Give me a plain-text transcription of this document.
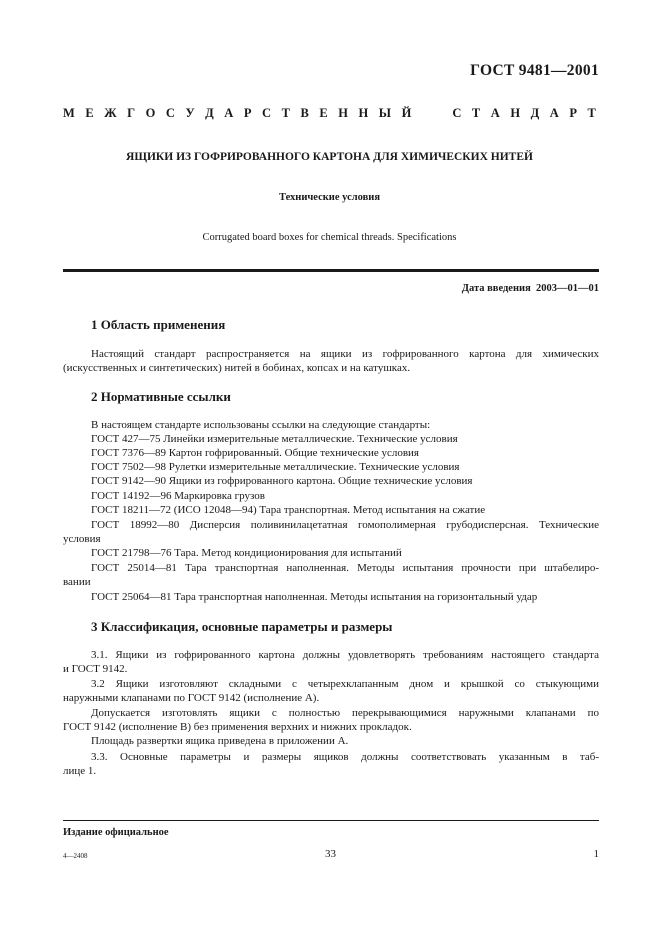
ГОСТ 9481—2001
М Е Ж Г О С У Д А Р С Т В Е Н Н Ы Й	С Т А Н Д А Р Т
ЯЩИКИ ИЗ ГОФРИРОВАННОГО КАРТОНА ДЛЯ ХИМИЧЕСКИХ НИТЕЙ
Технические условия
Corrugated board boxes for chemical threads. Specifications
Дата введения 2003—01—01
1 Область применения
Настоящий стандарт распространяется на ящики из гофрированного картона для химических
(искусственных и синтетических) нитей в бобинах, копсах и на катушках.
2 Нормативные ссылки
В настоящем стандарте использованы ссылки на следующие стандарты:
ГОСТ 427—75 Линейки измерительные металлические. Технические условия
ГОСТ 7376—89 Картон гофрированный. Общие технические условия
ГОСТ 7502—98 Рулетки измерительные металлические. Технические условия
ГОСТ 9142—90 Ящики из гофрированного картона. Общие технические условия
ГОСТ 14192—96 Маркировка грузов
ГОСТ 18211—72 (ИСО 12048—94) Тара транспортная. Метод испытания на сжатие
ГОСТ 18992—80 Дисперсия поливинилацетатная гомополимерная грубодисперсная. Технические
условия
ГОСТ 21798—76 Тара. Метод кондиционирования для испытаний
ГОСТ 25014—81 Тара транспортная наполненная. Методы испытания прочности при штабелиро-
вании
ГОСТ 25064—81 Тара транспортная наполненная. Методы испытания на горизонтальный удар
3 Классификация, основные параметры и размеры
3.1. Ящики из гофрированного картона должны удовлетворять требованиям настоящего стандарта
и ГОСТ 9142.
3.2 Ящики изготовляют складными с четырехклапанным дном и крышкой со стыкующими
наружными клапанами по ГОСТ 9142 (исполнение А).
Допускается изготовлять ящики с полностью перекрывающимися наружными клапанами по
ГОСТ 9142 (исполнение В) без применения верхних и нижних прокладок.
Площадь развертки ящика приведена в приложении А.
3.3. Основные параметры и размеры ящиков должны соответствовать указанным в таб-
лице 1.
Издание официальное
4—2408	33	1
